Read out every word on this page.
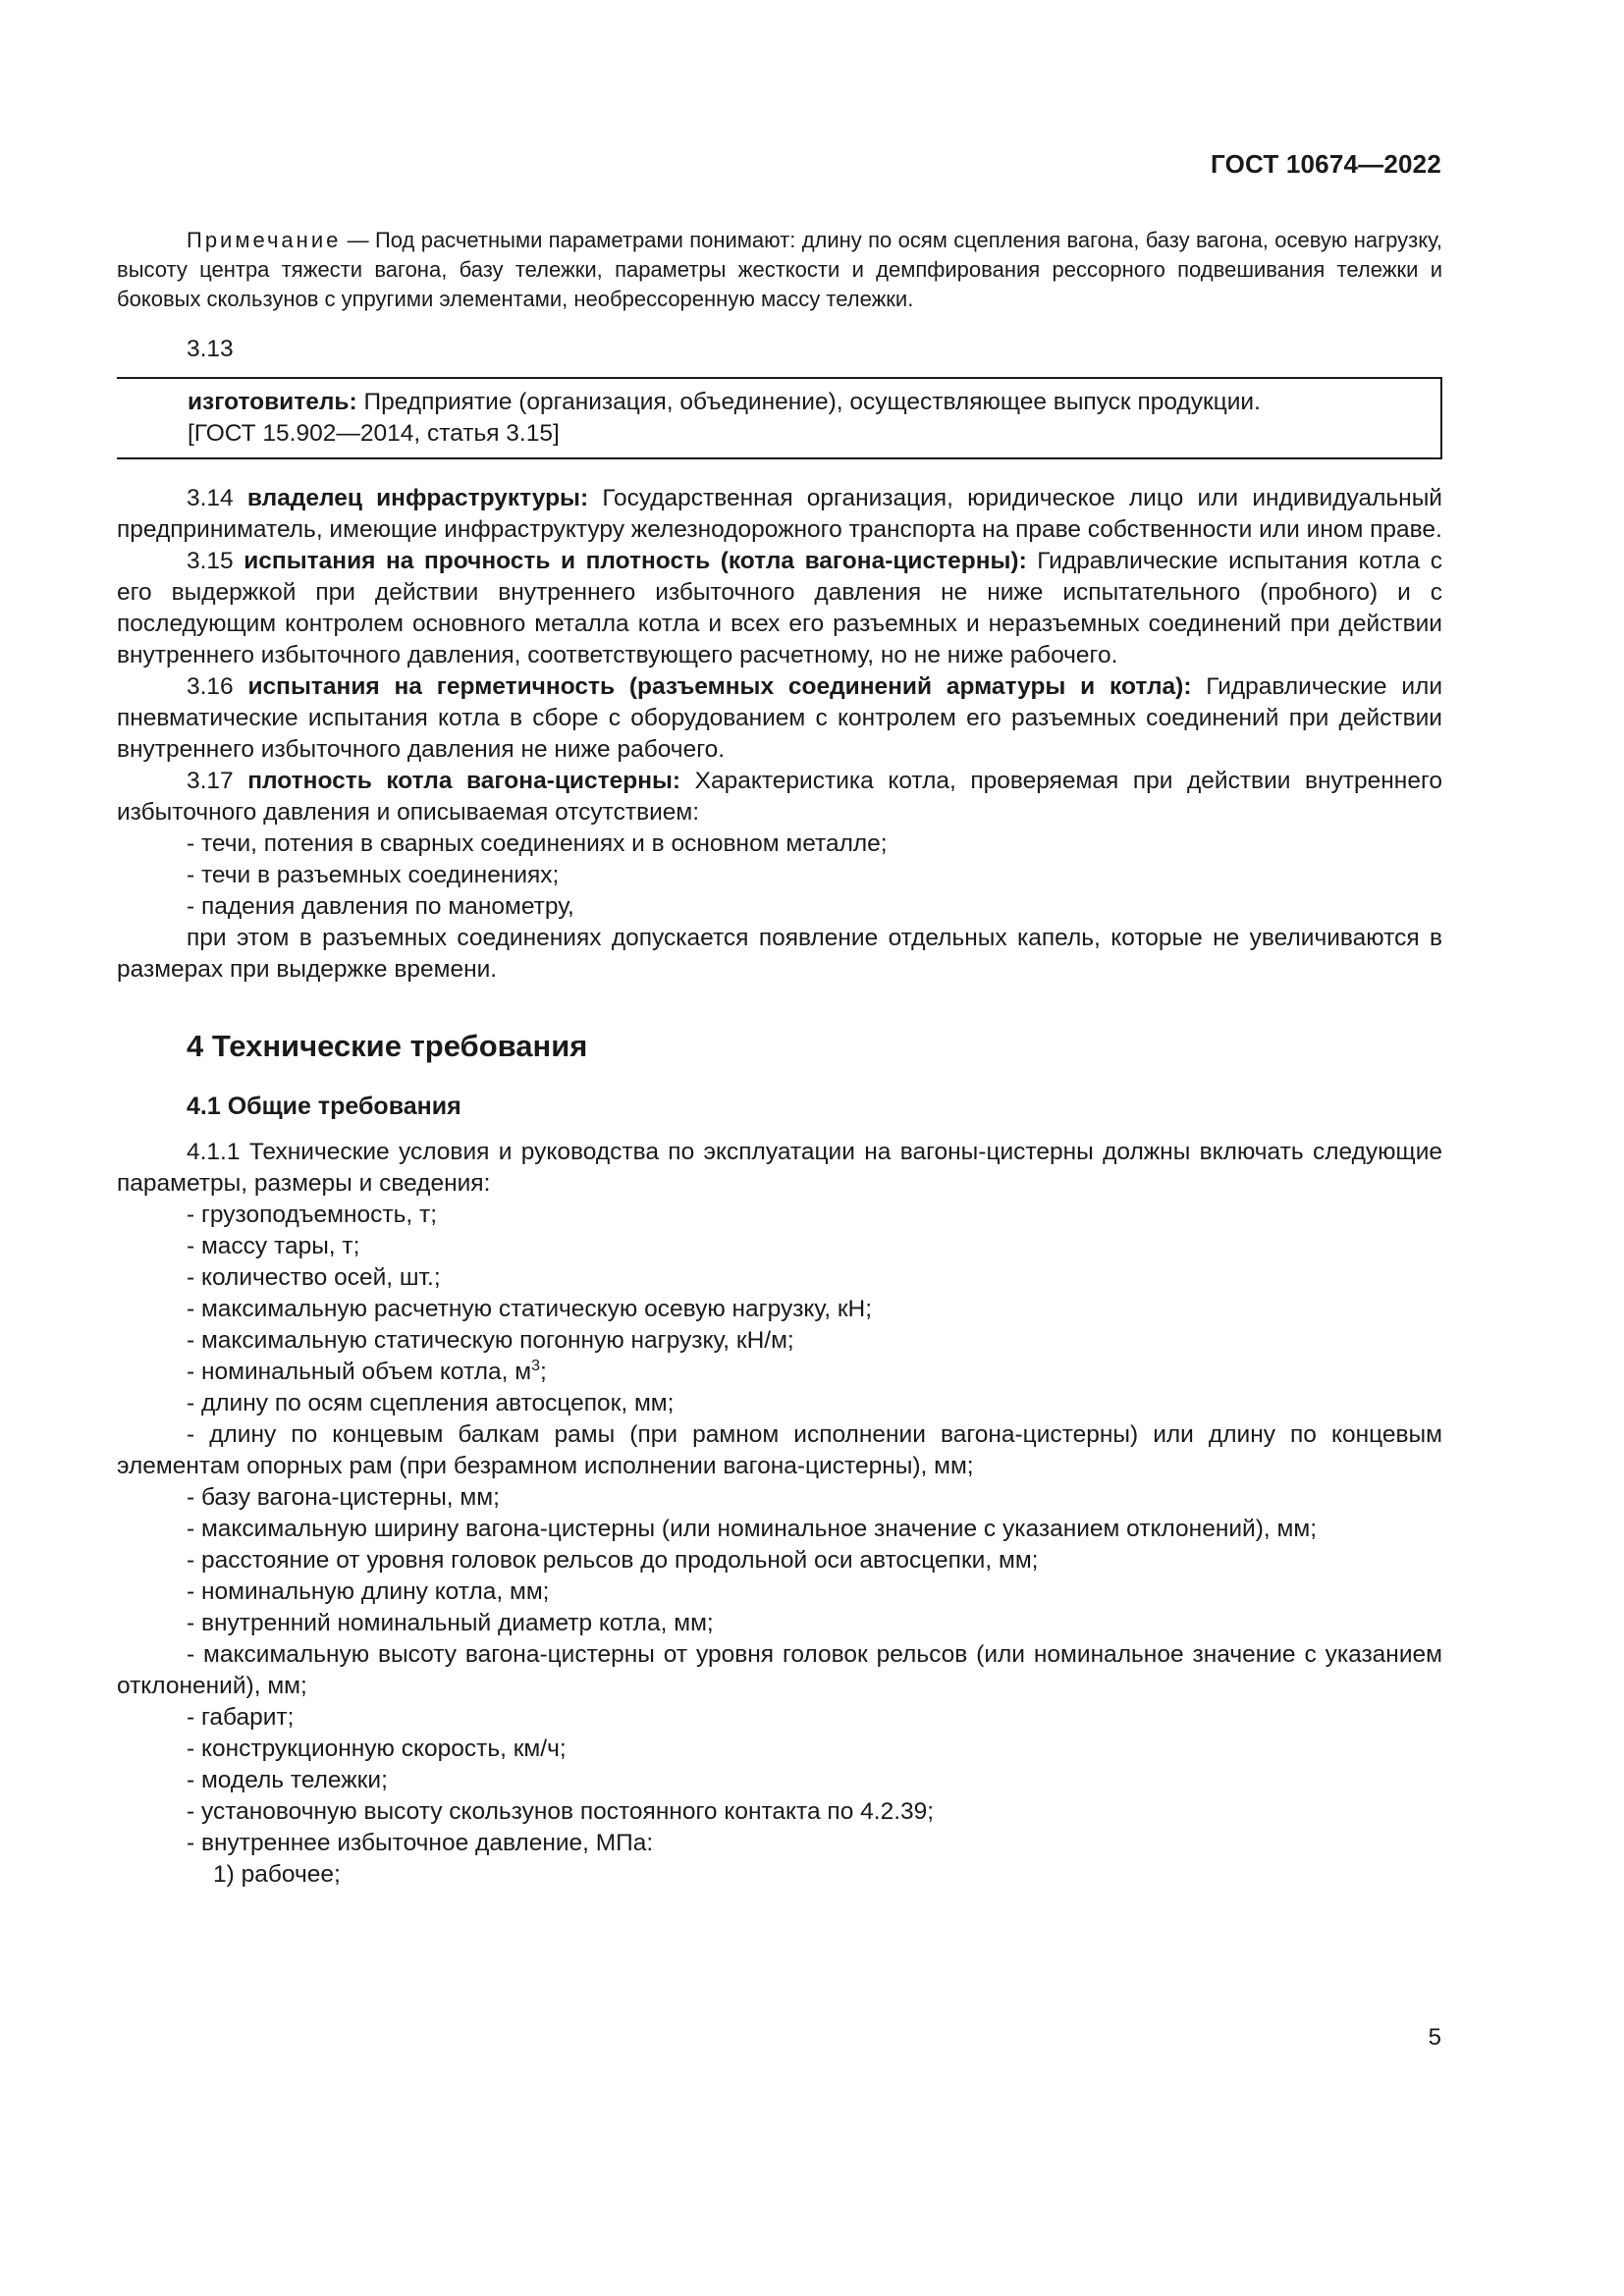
ГОСТ 10674—2022

Примечание — Под расчетными параметрами понимают: длину по осям сцепления вагона, базу вагона, осевую нагрузку, высоту центра тяжести вагона, базу тележки, параметры жесткости и демпфирования рессорного подвешивания тележки и боковых скользунов с упругими элементами, необрессоренную массу тележки.

3.13

изготовитель: Предприятие (организация, объединение), осуществляющее выпуск продукции.

[ГОСТ 15.902—2014, статья 3.15]

3.14 владелец инфраструктуры: Государственная организация, юридическое лицо или индивидуальный предприниматель, имеющие инфраструктуру железнодорожного транспорта на праве собственности или ином праве.

3.15 испытания на прочность и плотность (котла вагона-цистерны): Гидравлические испытания котла с его выдержкой при действии внутреннего избыточного давления не ниже испытательного (пробного) и с последующим контролем основного металла котла и всех его разъемных и неразъемных соединений при действии внутреннего избыточного давления, соответствующего расчетному, но не ниже рабочего.

3.16 испытания на герметичность (разъемных соединений арматуры и котла): Гидравлические или пневматические испытания котла в сборе с оборудованием с контролем его разъемных соединений при действии внутреннего избыточного давления не ниже рабочего.

3.17 плотность котла вагона-цистерны: Характеристика котла, проверяемая при действии внутреннего избыточного давления и описываемая отсутствием:

- течи, потения в сварных соединениях и в основном металле;

- течи в разъемных соединениях;

- падения давления по манометру,

при этом в разъемных соединениях допускается появление отдельных капель, которые не увеличиваются в размерах при выдержке времени.

4 Технические требования
4.1 Общие требования

4.1.1 Технические условия и руководства по эксплуатации на вагоны-цистерны должны включать следующие параметры, размеры и сведения:

- грузоподъемность, т;

- массу тары, т;

- количество осей, шт.;

- максимальную расчетную статическую осевую нагрузку, кН;

- максимальную статическую погонную нагрузку, кН/м;

- номинальный объем котла, $м^3$;

- длину по осям сцепления автосцепок, мм;

- длину по концевым балкам рамы (при рамном исполнении вагона-цистерны) или длину по концевым элементам опорных рам (при безрамном исполнении вагона-цистерны), мм;

- базу вагона-цистерны, мм;

- максимальную ширину вагона-цистерны (или номинальное значение с указанием отклонений), мм;

- расстояние от уровня головок рельсов до продольной оси автосцепки, мм;

- номинальную длину котла, мм;

- внутренний номинальный диаметр котла, мм;

- максимальную высоту вагона-цистерны от уровня головок рельсов (или номинальное значение с указанием отклонений), мм;

- габарит;

- конструкционную скорость, км/ч;

- модель тележки;

- установочную высоту скользунов постоянного контакта по 4.2.39;

- внутреннее избыточное давление, МПа:

1) рабочее;

5
